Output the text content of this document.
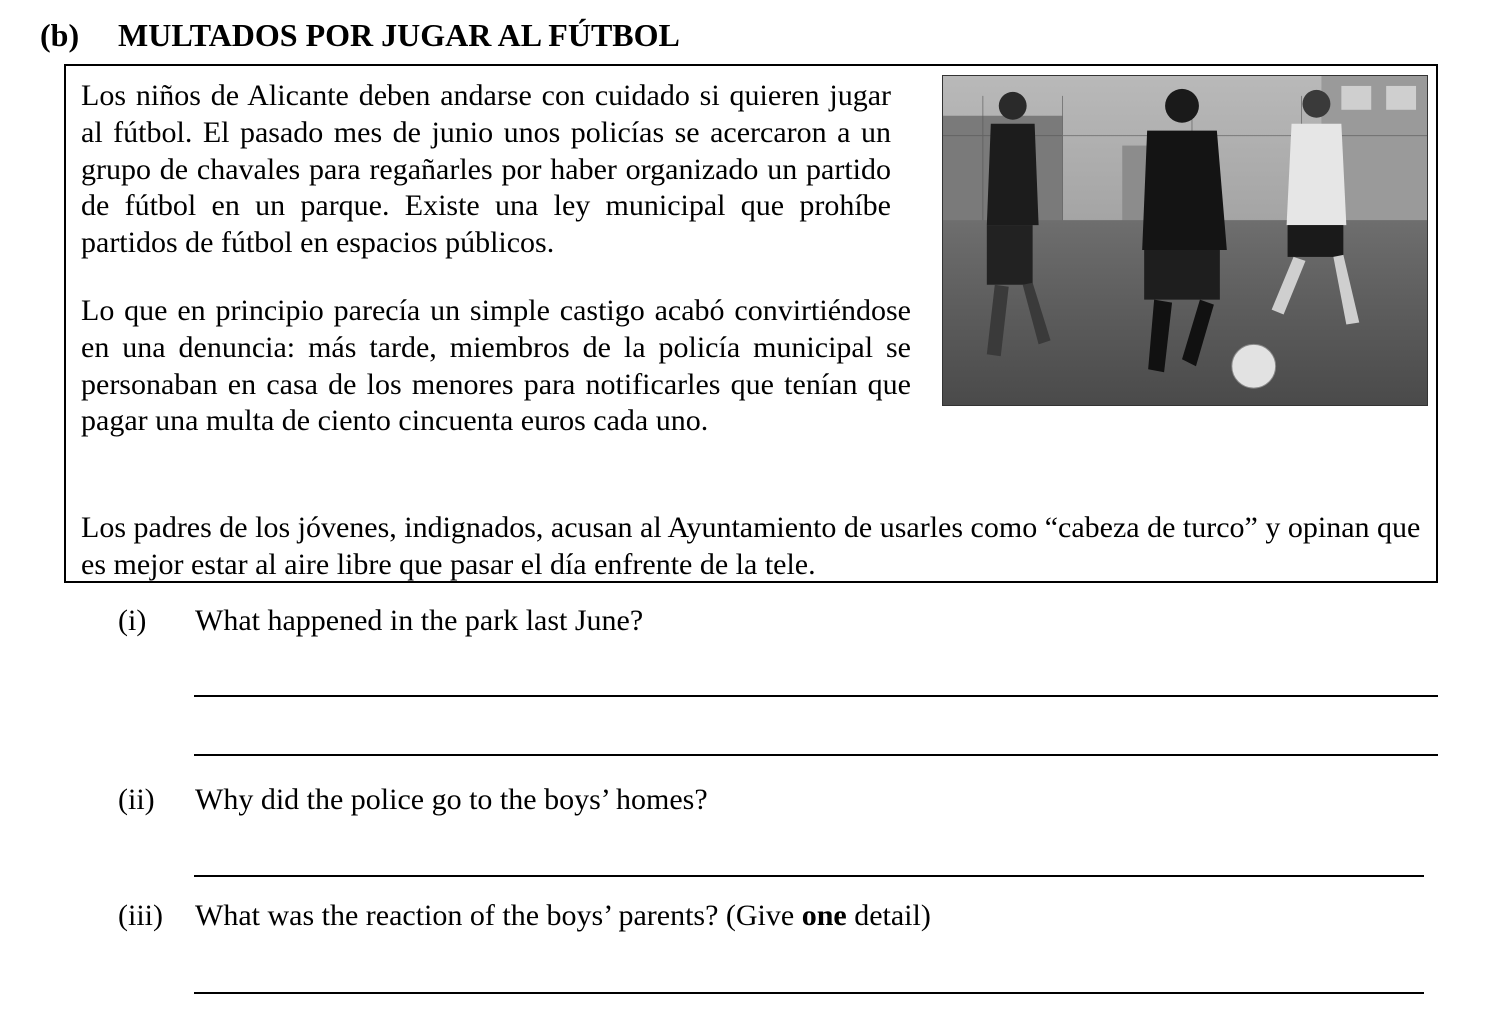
(b) MULTADOS POR JUGAR AL FÚTBOL

Los niños de Alicante deben andarse con cuidado si quieren jugar al fútbol. El pasado mes de junio unos policías se acercaron a un grupo de chavales para regañarles por haber organizado un partido de fútbol en un parque. Existe una ley municipal que prohíbe partidos de fútbol en espacios públicos.

Lo que en principio parecía un simple castigo acabó convirtiéndose en una denuncia: más tarde, miembros de la policía municipal se personaban en casa de los menores para notificarles que tenían que pagar una multa de ciento cincuenta euros cada uno.

Los padres de los jóvenes, indignados, acusan al Ayuntamiento de usarles como “cabeza de turco” y opinan que es mejor estar al aire libre que pasar el día enfrente de la tele.

(i) What happened in the park last June?
(ii) Why did the police go to the boys’ homes?
(iii) What was the reaction of the boys’ parents? (Give one detail)
